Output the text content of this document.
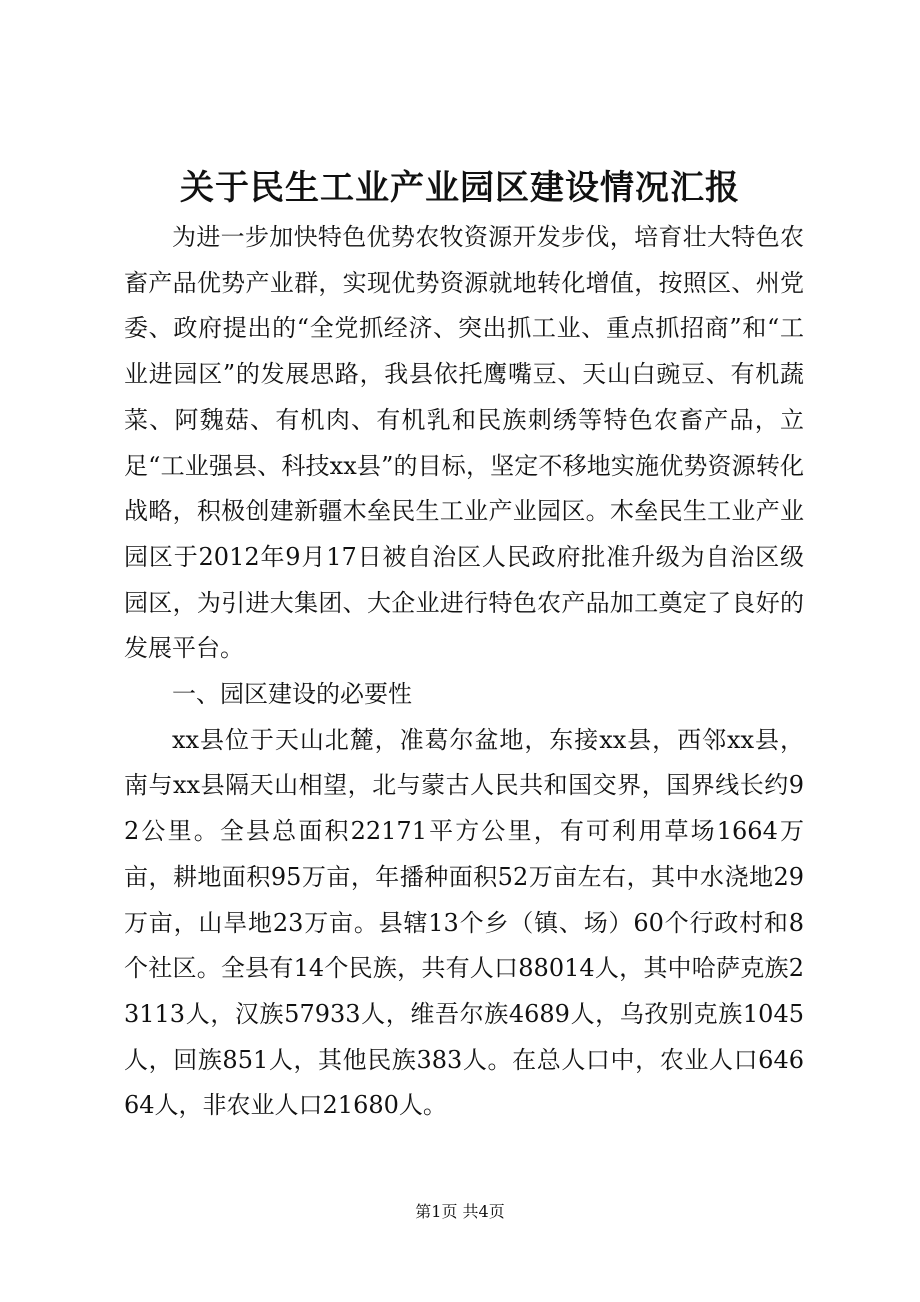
关于民生工业产业园区建设情况汇报

为进一步加快特色优势农牧资源开发步伐，培育壮大特色农畜产品优势产业群，实现优势资源就地转化增值，按照区、州党委、政府提出的“全党抓经济、突出抓工业、重点抓招商”和“工业进园区”的发展思路，我县依托鹰嘴豆、天山白豌豆、有机蔬菜、阿魏菇、有机肉、有机乳和民族刺绣等特色农畜产品，立足“工业强县、科技xx县”的目标，坚定不移地实施优势资源转化战略，积极创建新疆木垒民生工业产业园区。木垒民生工业产业园区于2012年9月17日被自治区人民政府批准升级为自治区级园区，为引进大集团、大企业进行特色农产品加工奠定了良好的发展平台。

一、园区建设的必要性

xx县位于天山北麓，准葛尔盆地，东接xx县，西邻xx县，南与xx县隔天山相望，北与蒙古人民共和国交界，国界线长约92公里。全县总面积22171平方公里，有可利用草场1664万亩，耕地面积95万亩，年播种面积52万亩左右，其中水浇地29万亩，山旱地23万亩。县辖13个乡（镇、场）60个行政村和8个社区。全县有14个民族，共有人口88014人，其中哈萨克族23113人，汉族57933人，维吾尔族4689人，乌孜别克族1045人，回族851人，其他民族383人。在总人口中，农业人口64664人，非农业人口21680人。

第1页 共4页
